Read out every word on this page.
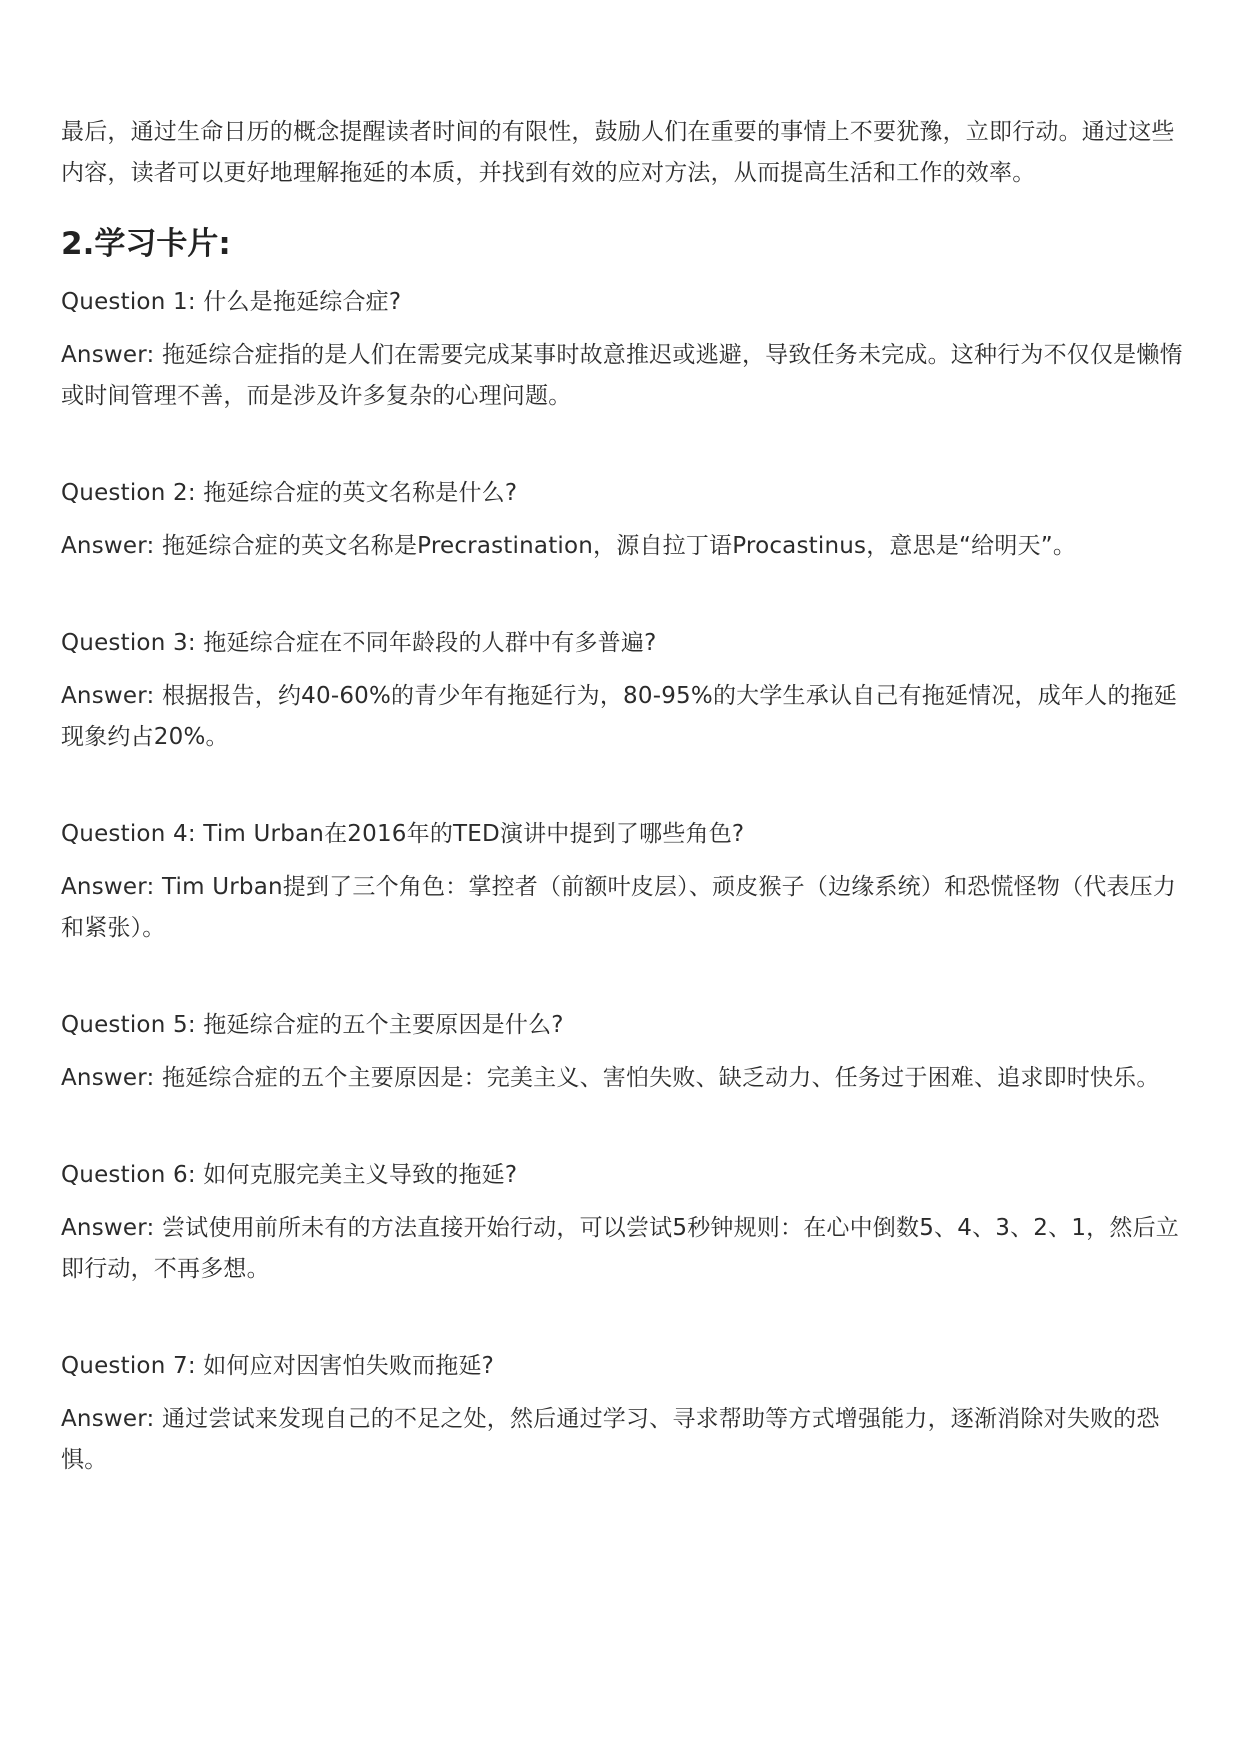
最后，通过生命日历的概念提醒读者时间的有限性，鼓励人们在重要的事情上不要犹豫，立即行动。通过这些内容，读者可以更好地理解拖延的本质，并找到有效的应对方法，从而提高生活和工作的效率。

2.学习卡片:

Question 1: 什么是拖延综合症?

Answer: 拖延综合症指的是人们在需要完成某事时故意推迟或逃避，导致任务未完成。这种行为不仅仅是懒惰或时间管理不善，而是涉及许多复杂的心理问题。

Question 2: 拖延综合症的英文名称是什么?

Answer: 拖延综合症的英文名称是Precrastination，源自拉丁语Procastinus，意思是“给明天”。

Question 3: 拖延综合症在不同年龄段的人群中有多普遍?

Answer: 根据报告，约40-60%的青少年有拖延行为，80-95%的大学生承认自己有拖延情况，成年人的拖延现象约占20%。

Question 4: Tim Urban在2016年的TED演讲中提到了哪些角色?

Answer: Tim Urban提到了三个角色：掌控者（前额叶皮层）、顽皮猴子（边缘系统）和恐慌怪物（代表压力和紧张）。

Question 5: 拖延综合症的五个主要原因是什么?

Answer: 拖延综合症的五个主要原因是：完美主义、害怕失败、缺乏动力、任务过于困难、追求即时快乐。

Question 6: 如何克服完美主义导致的拖延?

Answer: 尝试使用前所未有的方法直接开始行动，可以尝试5秒钟规则：在心中倒数5、4、3、2、1，然后立即行动，不再多想。

Question 7: 如何应对因害怕失败而拖延?

Answer: 通过尝试来发现自己的不足之处，然后通过学习、寻求帮助等方式增强能力，逐渐消除对失败的恐惧。
